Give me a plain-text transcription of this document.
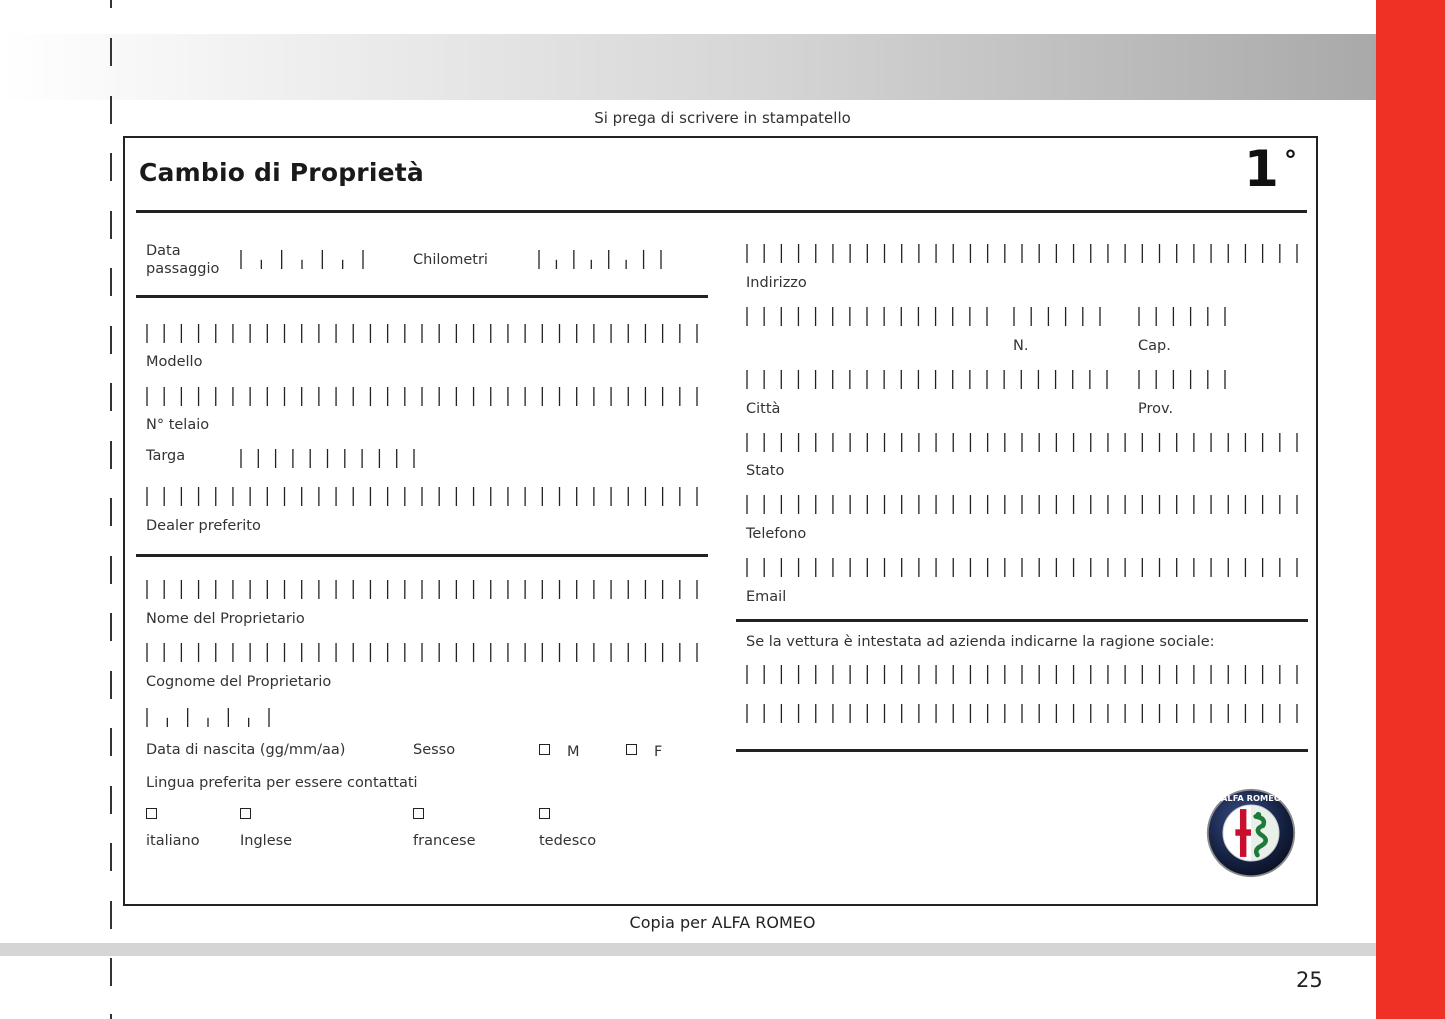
Si prega di scrivere in stampatello
Cambio di Proprietà	1 °
Data
passaggio
Chilometri
Modello
N° telaio
Targa
Dealer preferito
Nome del Proprietario
Cognome del Proprietario
Data di nascita (gg/mm/aa)	Sesso	M	F
Lingua preferita per essere contattati
italiano	Inglese	francese	tedesco
Indirizzo
N.	Cap.
Città	Prov.
Stato
Telefono
Email
Se la vettura è intestata ad azienda indicarne la ragione sociale:
ALFA ROMEO
Copia per ALFA ROMEO
25
